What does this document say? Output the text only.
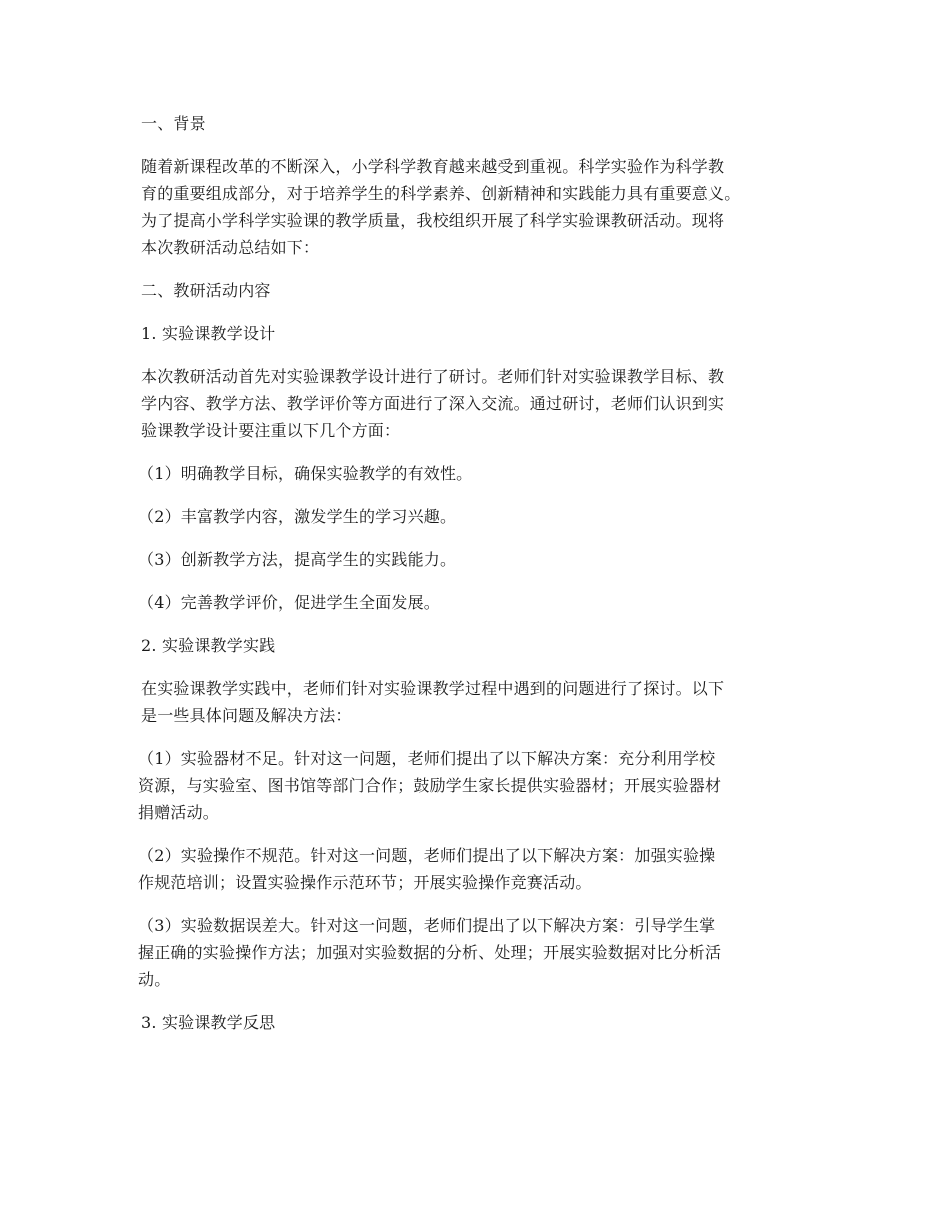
一、背景

随着新课程改革的不断深入，小学科学教育越来越受到重视。科学实验作为科学教
育的重要组成部分，对于培养学生的科学素养、创新精神和实践能力具有重要意义。
为了提高小学科学实验课的教学质量，我校组织开展了科学实验课教研活动。现将
本次教研活动总结如下：

二、教研活动内容

1. 实验课教学设计

本次教研活动首先对实验课教学设计进行了研讨。老师们针对实验课教学目标、教
学内容、教学方法、教学评价等方面进行了深入交流。通过研讨，老师们认识到实
验课教学设计要注重以下几个方面：

（1）明确教学目标，确保实验教学的有效性。

（2）丰富教学内容，激发学生的学习兴趣。

（3）创新教学方法，提高学生的实践能力。

（4）完善教学评价，促进学生全面发展。

2. 实验课教学实践

在实验课教学实践中，老师们针对实验课教学过程中遇到的问题进行了探讨。以下
是一些具体问题及解决方法：

（1）实验器材不足。针对这一问题，老师们提出了以下解决方案：充分利用学校
资源，与实验室、图书馆等部门合作；鼓励学生家长提供实验器材；开展实验器材
捐赠活动。

（2）实验操作不规范。针对这一问题，老师们提出了以下解决方案：加强实验操
作规范培训；设置实验操作示范环节；开展实验操作竞赛活动。

（3）实验数据误差大。针对这一问题，老师们提出了以下解决方案：引导学生掌
握正确的实验操作方法；加强对实验数据的分析、处理；开展实验数据对比分析活
动。

3. 实验课教学反思
